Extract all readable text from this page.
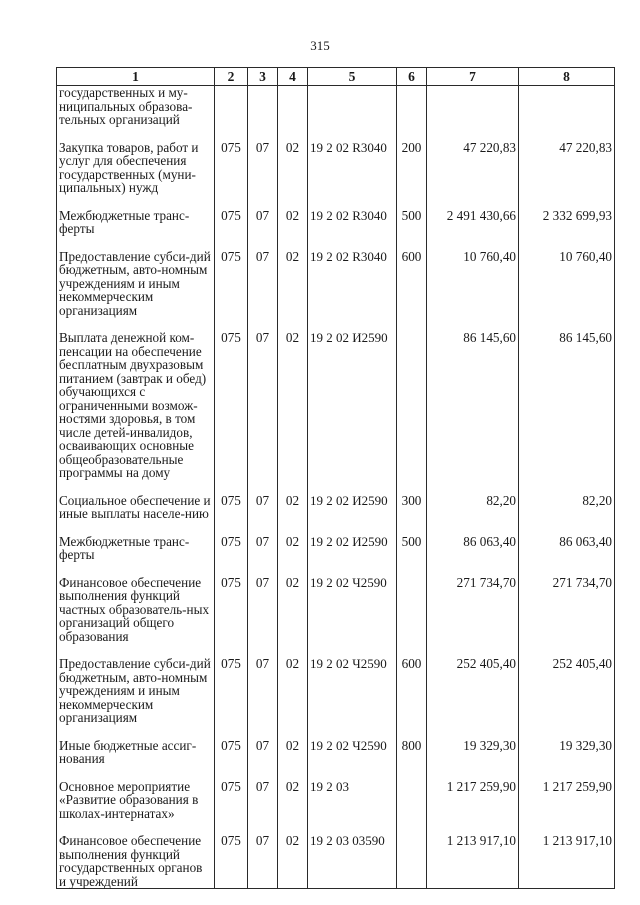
315
1	2	3	4	5	6	7	8
государственных и му-ниципальных образова-тельных организаций							

Закупка товаров, работ и услуг для обеспечения государственных (муни-ципальных) нужд	075	07	02	19 2 02 R3040	200	47 220,83	47 220,83

Межбюджетные транс-ферты	075	07	02	19 2 02 R3040	500	2 491 430,66	2 332 699,93

Предоставление субси-дий бюджетным, авто-номным учреждениям и иным некоммерческим организациям	075	07	02	19 2 02 R3040	600	10 760,40	10 760,40

Выплата денежной ком-пенсации на обеспечение бесплатным двухразовым питанием (завтрак и обед) обучающихся с ограниченными возмож-ностями здоровья, в том числе детей-инвалидов, осваивающих основные общеобразовательные программы на дому	075	07	02	19 2 02 И2590		86 145,60	86 145,60

Социальное обеспечение и иные выплаты населе-нию	075	07	02	19 2 02 И2590	300	82,20	82,20

Межбюджетные транс-ферты	075	07	02	19 2 02 И2590	500	86 063,40	86 063,40

Финансовое обеспечение выполнения функций частных образователь-ных организаций общего образования	075	07	02	19 2 02 Ч2590		271 734,70	271 734,70

Предоставление субси-дий бюджетным, авто-номным учреждениям и иным некоммерческим организациям	075	07	02	19 2 02 Ч2590	600	252 405,40	252 405,40

Иные бюджетные ассиг-нования	075	07	02	19 2 02 Ч2590	800	19 329,30	19 329,30

Основное мероприятие «Развитие образования в школах-интернатах»	075	07	02	19 2 03		1 217 259,90	1 217 259,90

Финансовое обеспечение выполнения функций государственных органов и учреждений	075	07	02	19 2 03 03590		1 213 917,10	1 213 917,10
